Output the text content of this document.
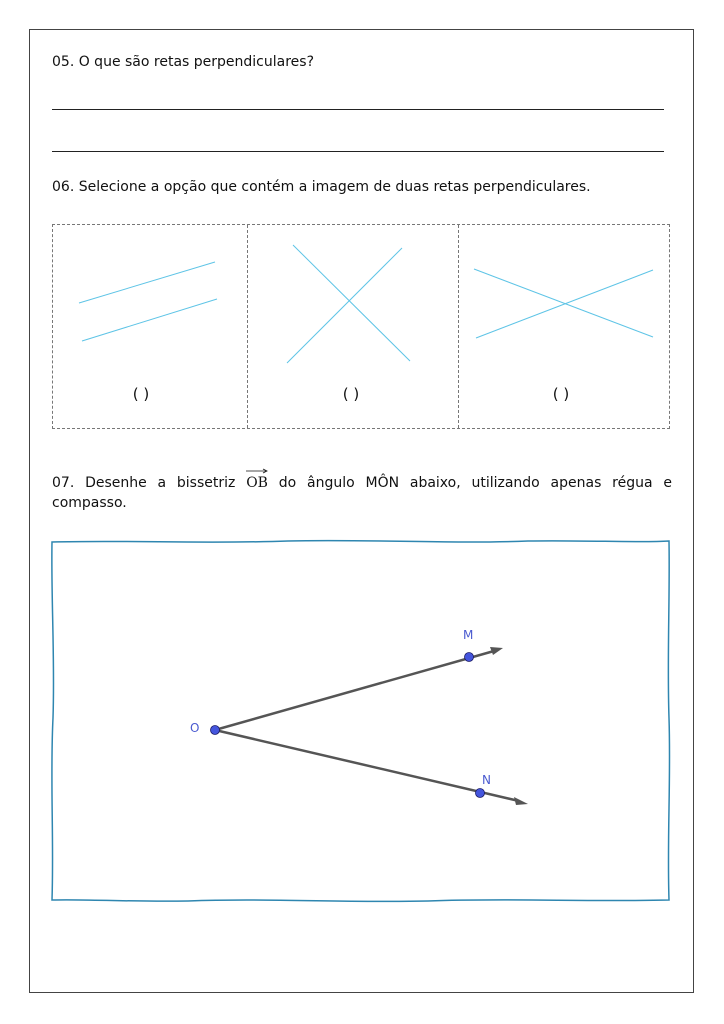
05. O que são retas perpendiculares?
06. Selecione a opção que contém a imagem de duas retas perpendiculares.
( )	( )	( )
07. Desenhe a bissetriz OB do ângulo MÔN abaixo, utilizando apenas régua e compasso.
O
M
N
